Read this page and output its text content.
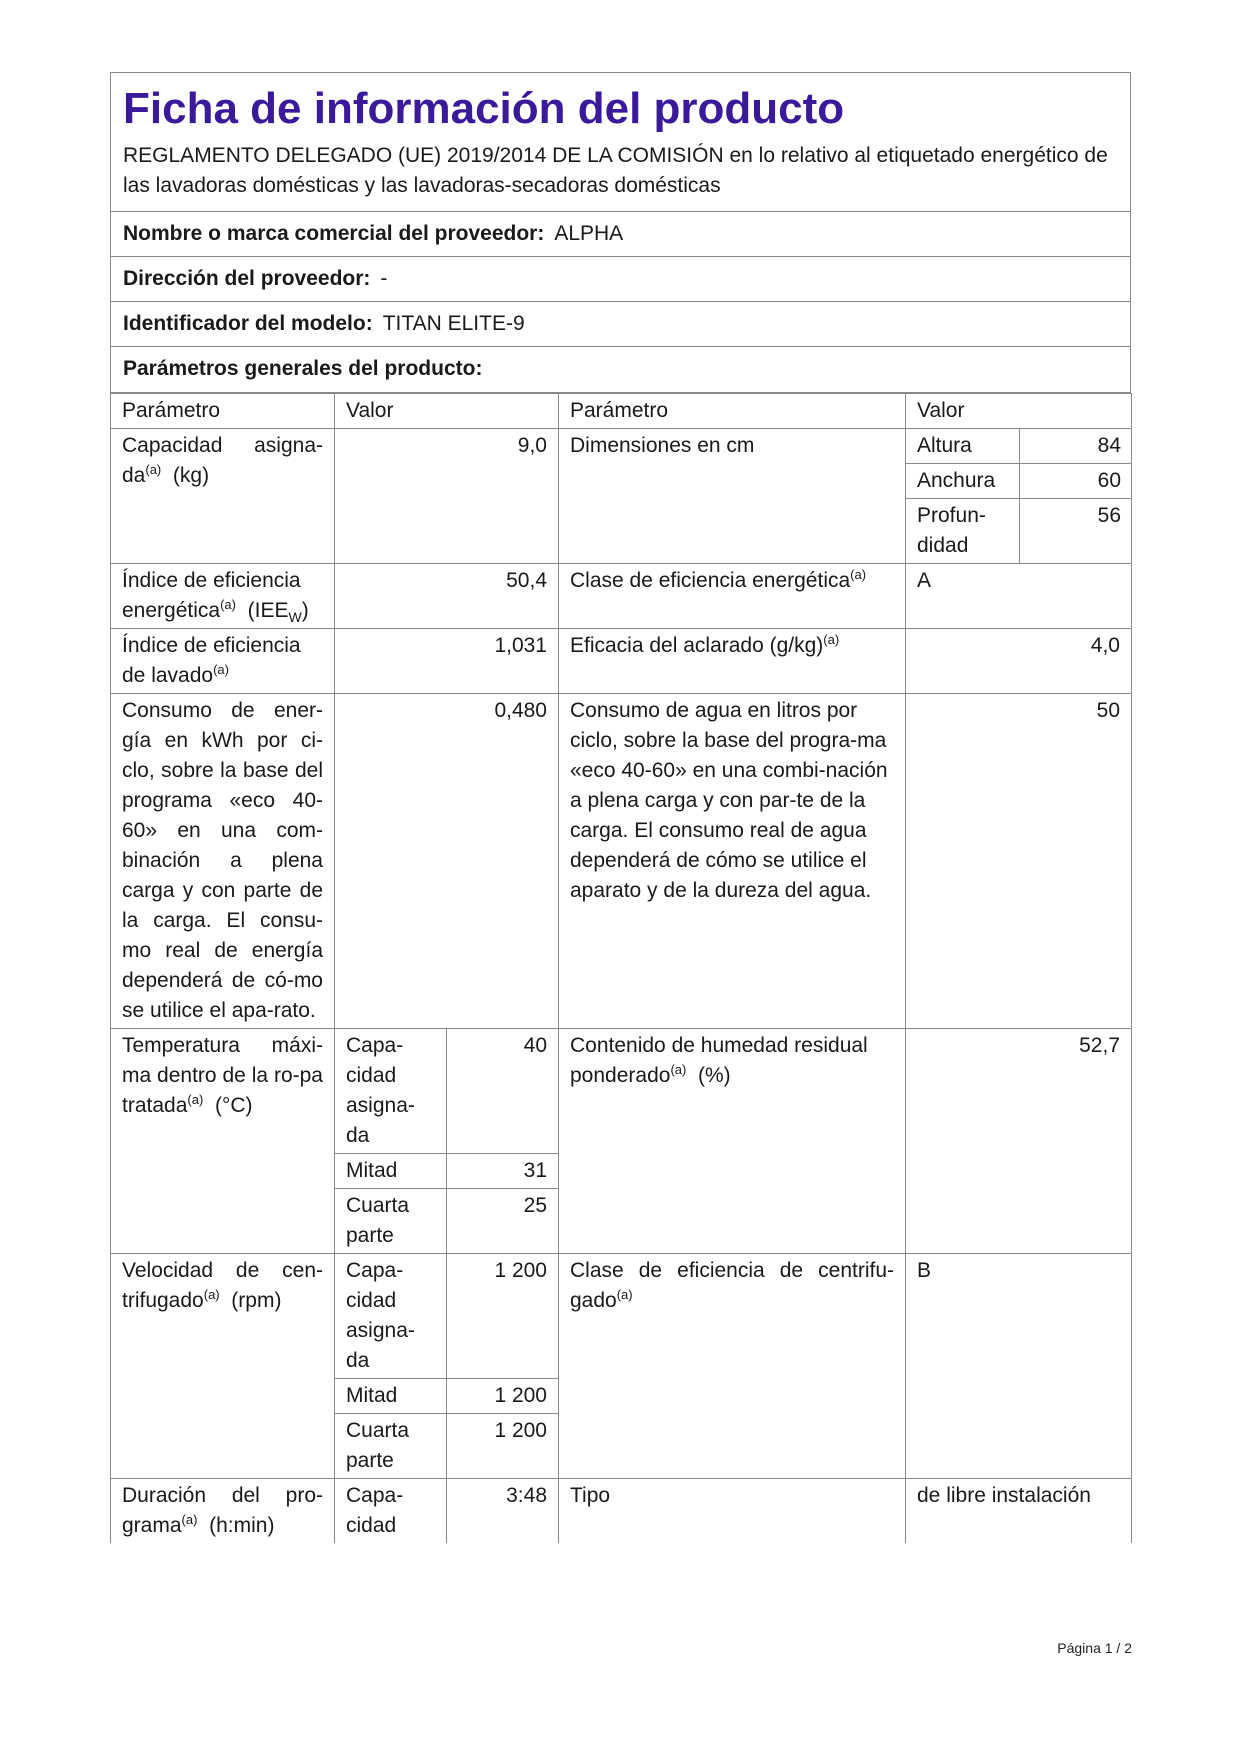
Ficha de información del producto
REGLAMENTO DELEGADO (UE) 2019/2014 DE LA COMISIÓN en lo relativo al etiquetado energético de las lavadoras domésticas y las lavadoras-secadoras domésticas
Nombre o marca comercial del proveedor: ALPHA
Dirección del proveedor: -
Identificador del modelo: TITAN ELITE-9
Parámetros generales del producto:
Parámetro	Valor	Parámetro	Valor
Capacidad asigna-$da^{(a)}$ (kg)	9,0	Dimensiones en cm		Altura	84
Anchura	60
Profun-didad	56

Índice de eficiencia energética$^{(a)}$ $(IEE_W)$	50,4	Clase de eficiencia energética$^{(a)}$	A
Índice de eficiencia de lavado$^{(a)}$	1,031	Eficacia del aclarado $(g/kg)^{(a)}$	4,0
Consumo de ener-gía en kWh por ci-clo, sobre la base del programa «eco 40-60» en una com-binación a plena carga y con parte de la carga. El consu-mo real de energía dependerá de có-mo se utilice el apa-rato.	0,480	Consumo de agua en litros por ciclo, sobre la base del progra-ma «eco 40-60» en una combi-nación a plena carga y con par-te de la carga. El consumo real de agua dependerá de cómo se utilice el aparato y de la dureza del agua.	50
Temperatura máxi-ma dentro de la ro-pa tratada$^{(a)}$ (°C)	Capa-cidad asigna-da	40	Contenido de humedad residual ponderado$^{(a)}$ (%)	52,7
Mitad	31
Cuarta parte	25
Velocidad de cen-trifugado$^{(a)}$ (rpm)	Capa-cidad asigna-da	1 200	Clase de eficiencia de centrifu-gado$^{(a)}$	B
Mitad	1 200
Cuarta parte	1 200
Duración del pro-grama$^{(a)}$ (h:min)	Capa-cidad	3:48	Tipo	de libre instalación
Página 1 / 2
